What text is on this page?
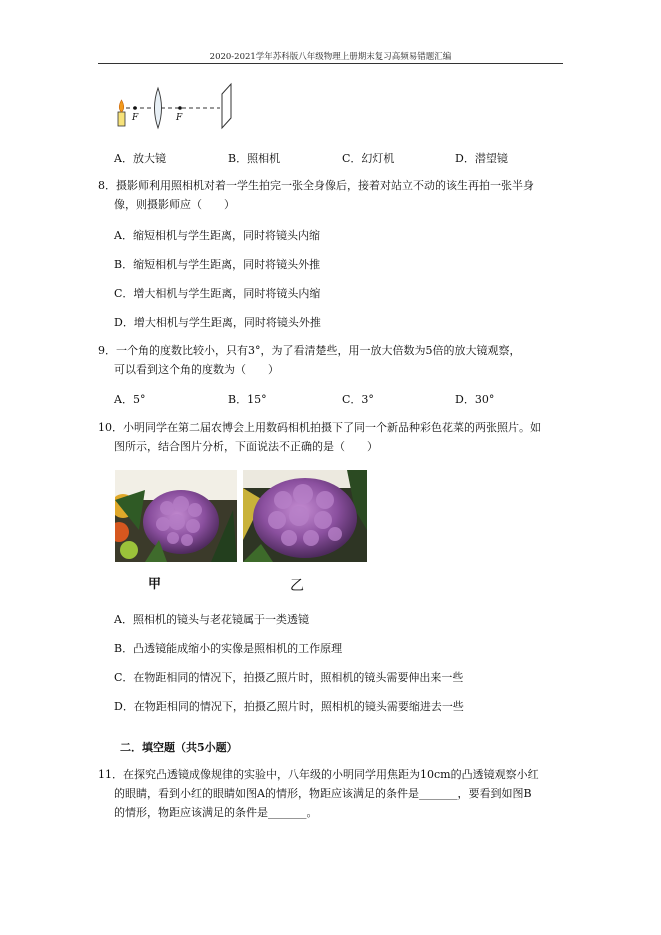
2020-2021学年苏科版八年级物理上册期末复习高频易错题汇编
F	F
A．放大镜	B．照相机	C．幻灯机	D．潜望镜
8．摄影师利用照相机对着一学生拍完一张全身像后，接着对站立不动的该生再拍一张半身
像，则摄影师应（　　）
A．缩短相机与学生距离，同时将镜头内缩
B．缩短相机与学生距离，同时将镜头外推
C．增大相机与学生距离，同时将镜头内缩
D．增大相机与学生距离，同时将镜头外推
9．一个角的度数比较小，只有3°，为了看清楚些，用一放大倍数为5倍的放大镜观察，
可以看到这个角的度数为（　　）
A．5°	B．15°	C．3°	D．30°
10．小明同学在第二届农博会上用数码相机拍摄下了同一个新品种彩色花菜的两张照片。如
图所示，结合图片分析，下面说法不正确的是（　　）
甲	乙
A．照相机的镜头与老花镜属于一类透镜
B．凸透镜能成缩小的实像是照相机的工作原理
C．在物距相同的情况下，拍摄乙照片时，照相机的镜头需要伸出来一些
D．在物距相同的情况下，拍摄乙照片时，照相机的镜头需要缩进去一些
二．填空题（共5小题）
11．在探究凸透镜成像规律的实验中，八年级的小明同学用焦距为10cm的凸透镜观察小红
的眼睛，看到小红的眼睛如图A的情形，物距应该满足的条件是_______，要看到如图B
的情形，物距应该满足的条件是_______。
